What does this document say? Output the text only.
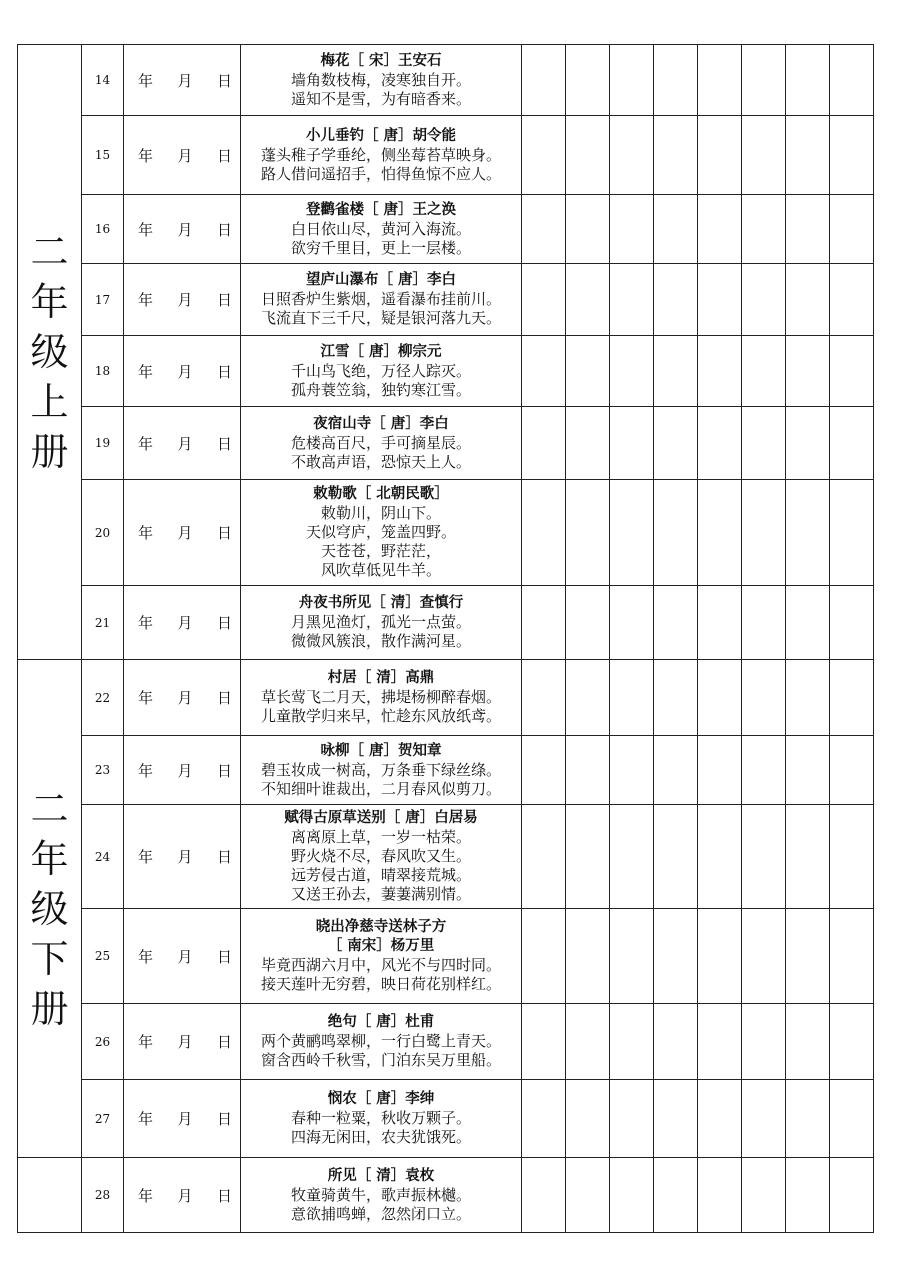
二
年
级
上
册	14	年 月 日	梅花［ 宋］王安石
墙角数枝梅，凌寒独自开。
遥知不是雪，为有暗香来。								

	15	年 月 日	小儿垂钓［ 唐］胡令能
蓬头稚子学垂纶，侧坐莓苔草映身。
路人借问遥招手，怕得鱼惊不应人。								

	16	年 月 日	登鹳雀楼［ 唐］王之涣
白日依山尽，黄河入海流。
欲穷千里目，更上一层楼。								

	17	年 月 日	望庐山瀑布［ 唐］李白
日照香炉生紫烟，遥看瀑布挂前川。
飞流直下三千尺，疑是银河落九天。								

	18	年 月 日	江雪［ 唐］柳宗元
千山鸟飞绝，万径人踪灭。
孤舟蓑笠翁，独钓寒江雪。								

	19	年 月 日	夜宿山寺［ 唐］李白
危楼高百尺，手可摘星辰。
不敢高声语，恐惊天上人。								

	20	年 月 日	敕勒歌［ 北朝民歌］
敕勒川，阴山下。
天似穹庐，笼盖四野。
天苍苍，野茫茫，
风吹草低见牛羊。								

	21	年 月 日	舟夜书所见［ 清］查慎行
月黑见渔灯，孤光一点萤。
微微风簇浪，散作满河星。								

二
年
级
下
册	22	年 月 日	村居［ 清］高鼎
草长莺飞二月天，拂堤杨柳醉春烟。
儿童散学归来早，忙趁东风放纸鸢。								

	23	年 月 日	咏柳［ 唐］贺知章
碧玉妆成一树高，万条垂下绿丝绦。
不知细叶谁裁出，二月春风似剪刀。								

	24	年 月 日	赋得古原草送别［ 唐］白居易
离离原上草，一岁一枯荣。
野火烧不尽，春风吹又生。
远芳侵古道，晴翠接荒城。
又送王孙去，萋萋满别情。								

	25	年 月 日	晓出净慈寺送林子方
［ 南宋］杨万里
毕竟西湖六月中，风光不与四时同。
接天莲叶无穷碧，映日荷花别样红。								

	26	年 月 日	绝句［ 唐］杜甫
两个黄鹂鸣翠柳，一行白鹭上青天。
窗含西岭千秋雪，门泊东吴万里船。								

	27	年 月 日	悯农［ 唐］李绅
春种一粒粟，秋收万颗子。
四海无闲田，农夫犹饿死。								

	28	年 月 日	所见［ 清］袁枚
牧童骑黄牛，歌声振林樾。
意欲捕鸣蝉，忽然闭口立。								
